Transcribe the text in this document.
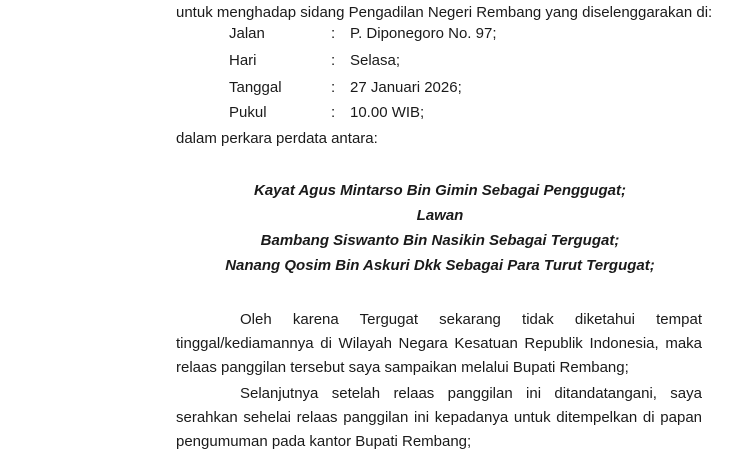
untuk menghadap sidang Pengadilan Negeri Rembang yang diselenggarakan di:
Jalan	: P. Diponegoro No. 97;
Hari	: Selasa;
Tanggal	: 27 Januari 2026;
Pukul	: 10.00 WIB;
dalam perkara perdata antara:
Kayat Agus Mintarso Bin Gimin Sebagai Penggugat;
Lawan
Bambang Siswanto Bin Nasikin Sebagai Tergugat;
Nanang Qosim Bin Askuri Dkk Sebagai Para Turut Tergugat;
Oleh karena Tergugat sekarang tidak diketahui tempat
tinggal/kediamannya di Wilayah Negara Kesatuan Republik Indonesia, maka
relaas panggilan tersebut saya sampaikan melalui Bupati Rembang;
Selanjutnya setelah relaas panggilan ini ditandatangani, saya
serahkan sehelai relaas panggilan ini kepadanya untuk ditempelkan di papan
pengumuman pada kantor Bupati Rembang;
